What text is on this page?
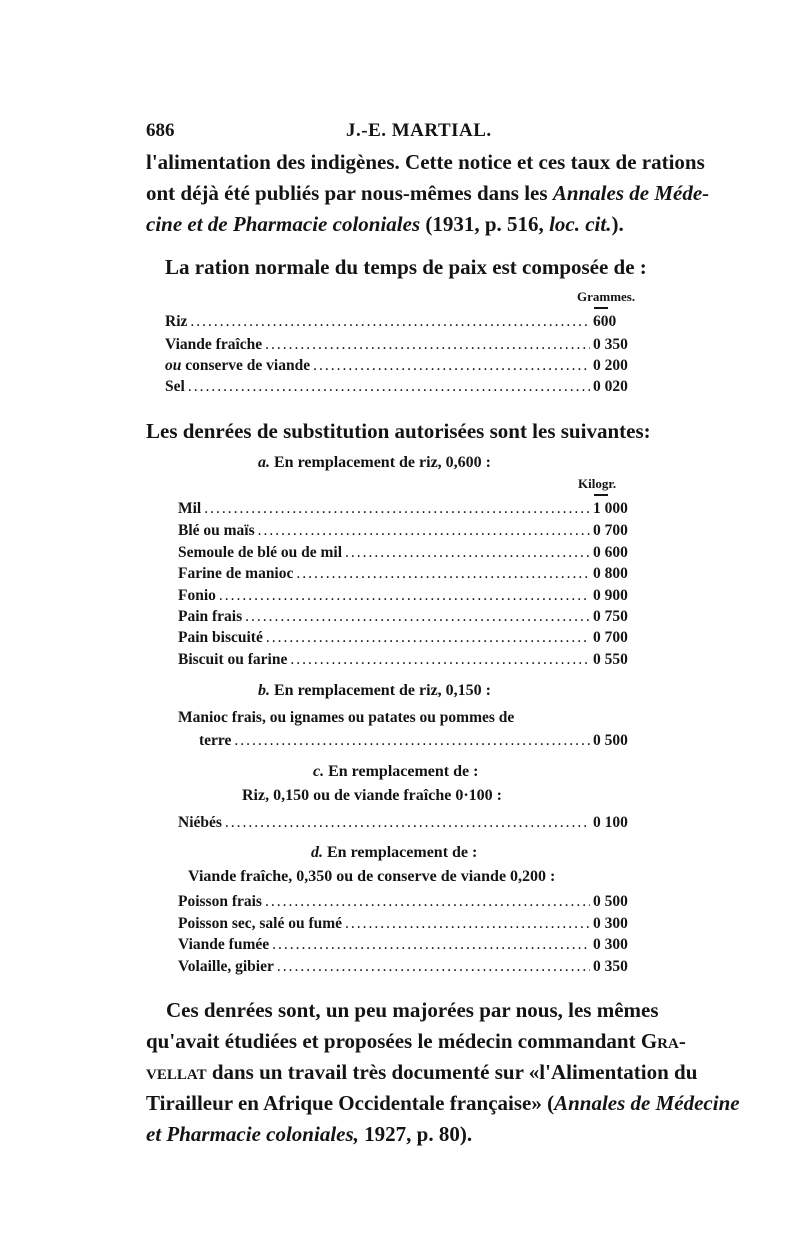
686	J.-E. MARTIAL.
l'alimentation des indigènes. Cette notice et ces taux de rations
ont déjà été publiés par nous-mêmes dans les Annales de Méde-
cine et de Pharmacie coloniales (1931, p. 516, loc. cit.).
La ration normale du temps de paix est composée de :
Grammes.
Riz .....	600
Viande fraîche .....	0 350
ou conserve de viande .....	0 200
Sel .....	0 020
Les denrées de substitution autorisées sont les suivantes:
a. En remplacement de riz, 0,600 :
Kilogr.
Mil .....	1 000
Blé ou maïs .....	0 700
Semoule de blé ou de mil .....	0 600
Farine de manioc .....	0 800
Fonio .....	0 900
Pain frais .....	0 750
Pain biscuité .....	0 700
Biscuit ou farine .....	0 550
b. En remplacement de riz, 0,150 :
Manioc frais, ou ignames ou patates ou pommes de
terre .....	0 500
c. En remplacement de :
Riz, 0,150 ou de viande fraîche 0·100 :
Niébés .....	0 100
d. En remplacement de :
Viande fraîche, 0,350 ou de conserve de viande 0,200 :
Poisson frais .....	0 500
Poisson sec, salé ou fumé .....	0 300
Viande fumée .....	0 300
Volaille, gibier .....	0 350
Ces denrées sont, un peu majorées par nous, les mêmes
qu'avait étudiées et proposées le médecin commandant Gra-
vellat dans un travail très documenté sur «l'Alimentation du
Tirailleur en Afrique Occidentale française» (Annales de Médecine
et Pharmacie coloniales, 1927, p. 80).
